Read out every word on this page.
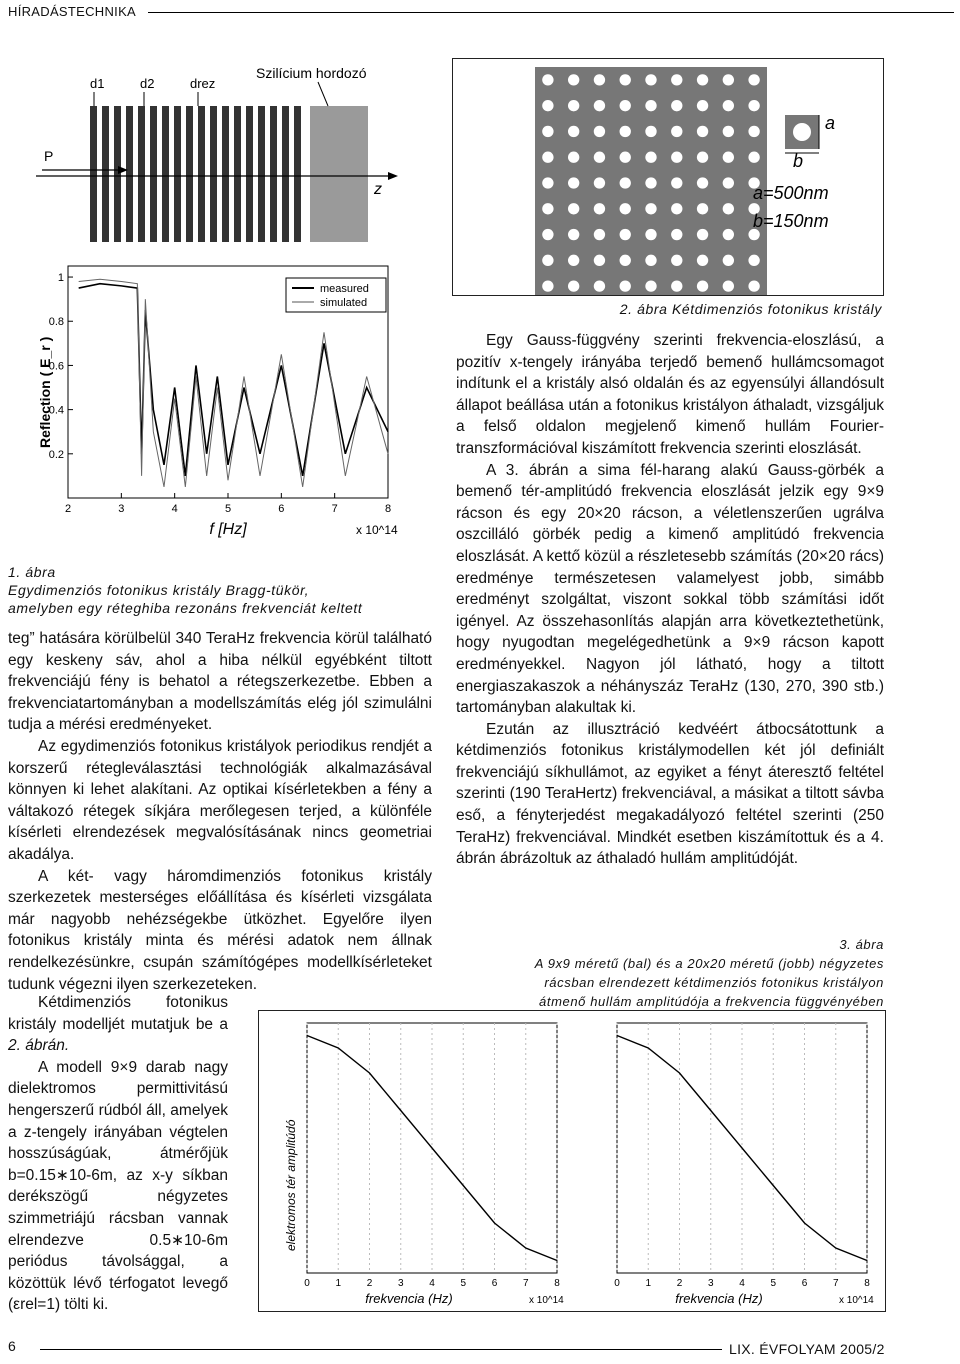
HÍRADÁSTECHNIKA
P
z
d1	d2	drez
Szilícium hordozó
Reflection ( E_r )
f [Hz]	x 10^14
2	3	4	5	6	7	8
0.2
0.4
0.6
0.8
1
measured
simulated
1. ábra
Egydimenziós fotonikus kristály Bragg-tükör,
amelyben egy réteghiba rezonáns frekvenciát keltett
a
b
a=500nm
b=150nm
2. ábra Kétdimenziós fotonikus kristály

teg” hatására körülbelül 340 TeraHz frekvencia körül található egy keskeny sáv, ahol a hiba nélkül egyébként tiltott frekvenciájú fény is behatol a rétegszerkezetbe. Ebben a frekvenciatartományban a modellszámítás elég jól szimulálni tudja a mérési eredményeket.

Az egydimenziós fotonikus kristályok periodikus rendjét a korszerű rétegleválasztási technológiák alkalmazásával könnyen ki lehet alakítani. Az optikai kísérletekben a fény a váltakozó rétegek síkjára merőlegesen terjed, a különféle kísérleti elrendezések megvalósításának nincs geometriai akadálya.

A két- vagy háromdimenziós fotonikus kristály szerkezetek mesterséges előállítása és kísérleti vizsgálata már nagyobb nehézségekbe ütközhet. Egyelőre ilyen fotonikus kristály minta és mérési adatok nem állnak rendelkezésünkre, csupán számítógépes modellkísérleteket tudunk végezni ilyen szerkezeteken.

Kétdimenziós fotonikus kristály modelljét mutatjuk be a 2. ábrán.

A modell 9×9 darab nagy dielektromos permittivitású hengerszerű rúdból áll, amelyek a z-tengely irányában végtelen hosszúságúak, átmérőjük b=0.15∗10-6m, az x-y síkban derékszögű négyzetes szimmetriájú rácsban vannak elrendezve 0.5∗10-6m periódus távolsággal, a közöttük lévő térfogatot levegő (εrel=1) tölti ki.

Egy Gauss-függvény szerinti frekvencia-eloszlású, a pozitív x-tengely irányába terjedő bemenő hullámcsomagot indítunk el a kristály alsó oldalán és az egyensúlyi állandósult állapot beállása után a fotonikus kristályon áthaladt, vizsgáljuk a felső oldalon megjelenő kimenő hullám Fourier-transzformációval kiszámított frekvencia szerinti eloszlását.

A 3. ábrán a sima fél-harang alakú Gauss-görbék a bemenő tér-amplitúdó frekvencia eloszlását jelzik egy 9×9 rácson és egy 20×20 rácson, a véletlenszerűen ugrálva oszcilláló görbék pedig a kimenő amplitúdó frekvencia eloszlását. A kettő közül a részletesebb számítás (20×20 rács) eredménye természetesen valamelyest jobb, simább eredményt szolgáltat, viszont sokkal több számítási időt igényel. Az összehasonlítás alapján arra következtethetünk, hogy nyugodtan megelégedhetünk a 9×9 rácson kapott eredményekkel. Nagyon jól látható, hogy a tiltott energiaszakaszok a néhányszáz TeraHz (130, 270, 390 stb.) tartományban alakultak ki.

Ezután az illusztráció kedvéért átbocsátottunk a kétdimenziós fotonikus kristálymodellen két jól definiált frekvenciájú síkhullámot, az egyiket a fényt áteresztő feltétel szerinti (190 TeraHertz) frekvenciával, a másikat a tiltott sávba eső, a fényterjedést megakadályozó feltétel szerinti (250 TeraHz) frekvenciával. Mindkét esetben kiszámítottuk és a 4. ábrán ábrázoltuk az áthaladó hullám amplitúdóját.

3. ábra
A 9x9 méretű (bal) és a 20x20 méretű (jobb) négyzetes
rácsban elrendezett kétdimenziós fotonikus kristályon
átmenő hullám amplitúdója a frekvencia függvényében
elektromos tér amplitúdó
frekvencia (Hz)	frekvencia (Hz)
x 10^14	x 10^14
0	1	2	3	4	5	6	7	8	0	1	2	3	4	5	6	7	8
6	LIX. ÉVFOLYAM 2005/2
